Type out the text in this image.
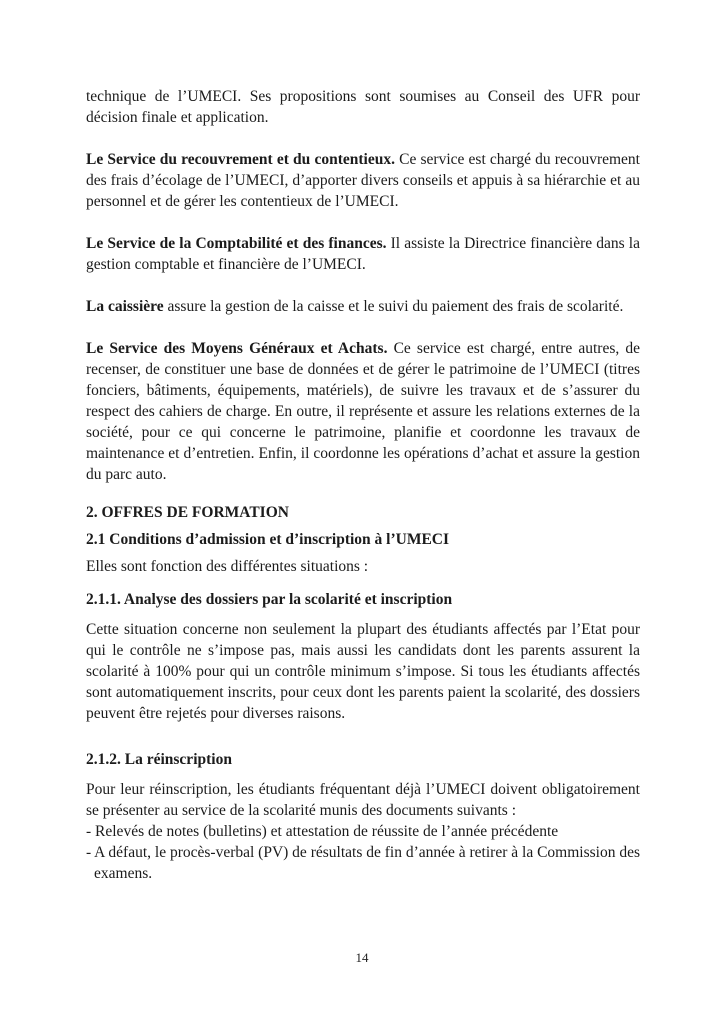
technique de l’UMECI. Ses propositions sont soumises au Conseil des UFR pour décision finale et application.

Le Service du recouvrement et du contentieux. Ce service est chargé du recouvrement des frais d’écolage de l’UMECI, d’apporter divers conseils et appuis à sa hiérarchie et au personnel et de gérer les contentieux de l’UMECI.

Le Service de la Comptabilité et des finances. Il assiste la Directrice financière dans la gestion comptable et financière de l’UMECI.

La caissière assure la gestion de la caisse et le suivi du paiement des frais de scolarité.

Le Service des Moyens Généraux et Achats. Ce service est chargé, entre autres, de recenser, de constituer une base de données et de gérer le patrimoine de l’UMECI (titres fonciers, bâtiments, équipements, matériels), de suivre les travaux et de s’assurer du respect des cahiers de charge. En outre, il représente et assure les relations externes de la société, pour ce qui concerne le patrimoine, planifie et coordonne les travaux de maintenance et d’entretien. Enfin, il coordonne les opérations d’achat et assure la gestion du parc auto.

2. OFFRES DE FORMATION
2.1 Conditions d’admission et d’inscription à l’UMECI

Elles sont fonction des différentes situations :

2.1.1. Analyse des dossiers par la scolarité et inscription

Cette situation concerne non seulement la plupart des étudiants affectés par l’Etat pour qui le contrôle ne s’impose pas, mais aussi les candidats dont les parents assurent la scolarité à 100% pour qui un contrôle minimum s’impose. Si tous les étudiants affectés sont automatiquement inscrits, pour ceux dont les parents paient la scolarité, des dossiers peuvent être rejetés pour diverses raisons.

2.1.2. La réinscription

Pour leur réinscription, les étudiants fréquentant déjà l’UMECI doivent obligatoirement se présenter au service de la scolarité munis des documents suivants :

- Relevés de notes (bulletins) et attestation de réussite de l’année précédente

- A défaut, le procès-verbal (PV) de résultats de fin d’année à retirer à la Commission des examens.

14
